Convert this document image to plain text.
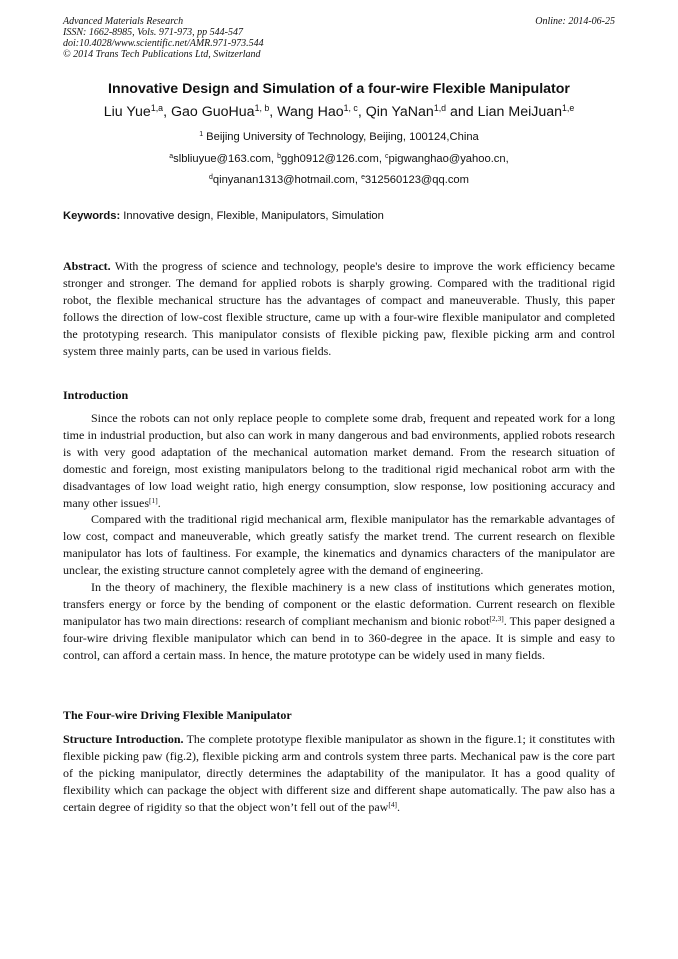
Advanced Materials Research
ISSN: 1662-8985, Vols. 971-973, pp 544-547
doi:10.4028/www.scientific.net/AMR.971-973.544
© 2014 Trans Tech Publications Ltd, Switzerland
Online: 2014-06-25
Innovative Design and Simulation of a four-wire Flexible Manipulator
Liu Yue$^{1,a}$, Gao GuoHua$^{1, b}$, Wang Hao$^{1, c}$, Qin YaNan$^{1,d}$ and Lian MeiJuan$^{1,e}$
$^1$ Beijing University of Technology, Beijing, 100124,China
$^a$slbliuyue@163.com, $^b$ggh0912@126.com, $^c$pigwanghao@yahoo.cn,
$^d$qinyanan1313@hotmail.com, $^e$312560123@qq.com
Keywords: Innovative design, Flexible, Manipulators, Simulation

Abstract. With the progress of science and technology, people's desire to improve the work efficiency became stronger and stronger. The demand for applied robots is sharply growing. Compared with the traditional rigid robot, the flexible mechanical structure has the advantages of compact and maneuverable. Thusly, this paper follows the direction of low-cost flexible structure, came up with a four-wire flexible manipulator and completed the prototyping research. This manipulator consists of flexible picking paw, flexible picking arm and control system three mainly parts, can be used in various fields.

Introduction

Since the robots can not only replace people to complete some drab, frequent and repeated work for a long time in industrial production, but also can work in many dangerous and bad environments, applied robots research is with very good adaptation of the mechanical automation market demand. From the research situation of domestic and foreign, most existing manipulators belong to the traditional rigid mechanical robot arm with the disadvantages of low load weight ratio, high energy consumption, slow response, low positioning accuracy and many other issues[1].

Compared with the traditional rigid mechanical arm, flexible manipulator has the remarkable advantages of low cost, compact and maneuverable, which greatly satisfy the market trend. The current research on flexible manipulator has lots of faultiness. For example, the kinematics and dynamics characters of the manipulator are unclear, the existing structure cannot completely agree with the demand of engineering.

In the theory of machinery, the flexible machinery is a new class of institutions which generates motion, transfers energy or force by the bending of component or the elastic deformation. Current research on flexible manipulator has two main directions: research of compliant mechanism and bionic robot[2,3]. This paper designed a four-wire driving flexible manipulator which can bend in to 360-degree in the apace. It is simple and easy to control, can afford a certain mass. In hence, the mature prototype can be widely used in many fields.

The Four-wire Driving Flexible Manipulator

Structure Introduction. The complete prototype flexible manipulator as shown in the figure.1; it constitutes with flexible picking paw (fig.2), flexible picking arm and controls system three parts. Mechanical paw is the core part of the picking manipulator, directly determines the adaptability of the manipulator. It has a good quality of flexibility which can package the object with different size and different shape automatically. The paw also has a certain degree of rigidity so that the object won’t fell out of the paw[4].
